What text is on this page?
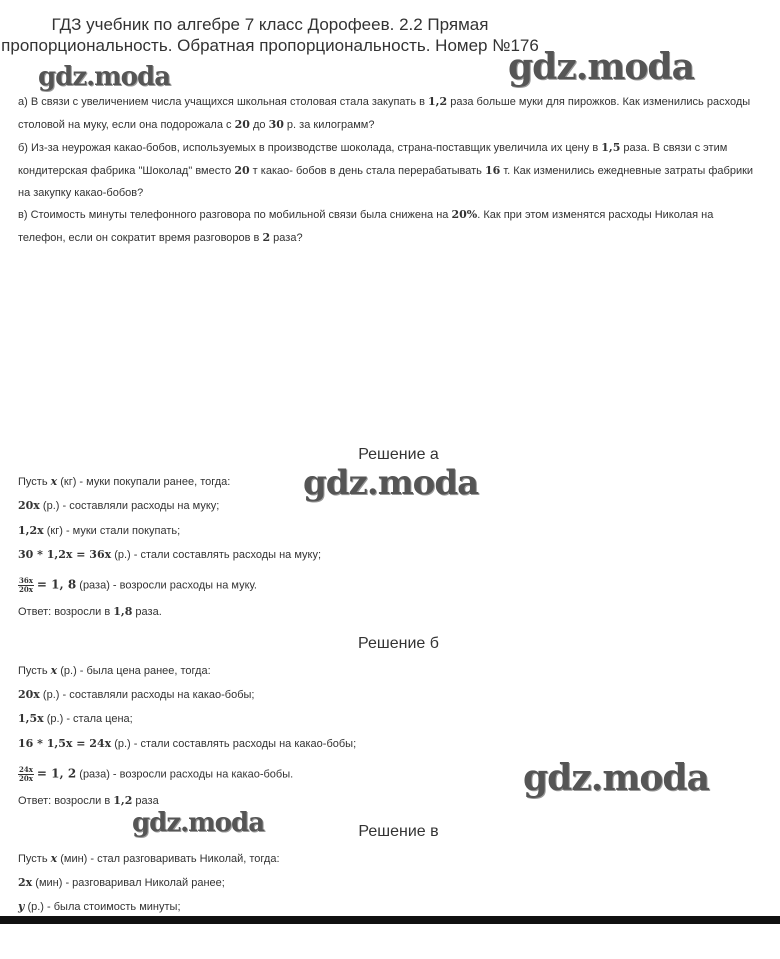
ГДЗ учебник по алгебре 7 класс Дорофеев. 2.2 Прямая пропорциональность. Обратная пропорциональность. Номер №176
gdz.moda	gdz.moda
а) В связи с увеличением числа учащихся школьная столовая стала закупать в 1,2 раза больше муки для пирожков. Как изменились расходы столовой на муку, если она подорожала с 20 до 30 р. за килограмм?
б) Из-за неурожая какао-бобов, используемых в производстве шоколада, страна-поставщик увеличила их цену в 1,5 раза. В связи с этим кондитерская фабрика "Шоколад" вместо 20 т какао- бобов в день стала перерабатывать 16 т. Как изменились ежедневные затраты фабрики на закупку какао-бобов?
в) Стоимость минуты телефонного разговора по мобильной связи была снижена на 20%. Как при этом изменятся расходы Николая на телефон, если он сократит время разговоров в 2 раза?
Решение а
gdz.moda
Пусть x (кг) - муки покупали ранее, тогда:
20x (р.) - составляли расходы на муку;
1,2x (кг) - муки стали покупать;
30 * 1,2x = 36x (р.) - стали составлять расходы на муку;
$\frac{36x}{20x} = 1$, 8 (раза) - возросли расходы на муку.
Ответ: возросли в 1,8 раза.
Решение б
Пусть x (р.) - была цена ранее, тогда:
20x (р.) - составляли расходы на какао-бобы;
1,5x (р.) - стала цена;
16 * 1,5x = 24x (р.) - стали составлять расходы на какао-бобы;
$\frac{24x}{20x} = 1$, 2 (раза) - возросли расходы на какао-бобы.
Ответ: возросли в 1,2 раза
gdz.moda
gdz.moda	Решение в
Пусть x (мин) - стал разговаривать Николай, тогда:
2x (мин) - разговаривал Николай ранее;
y (р.) - была стоимость минуты;
